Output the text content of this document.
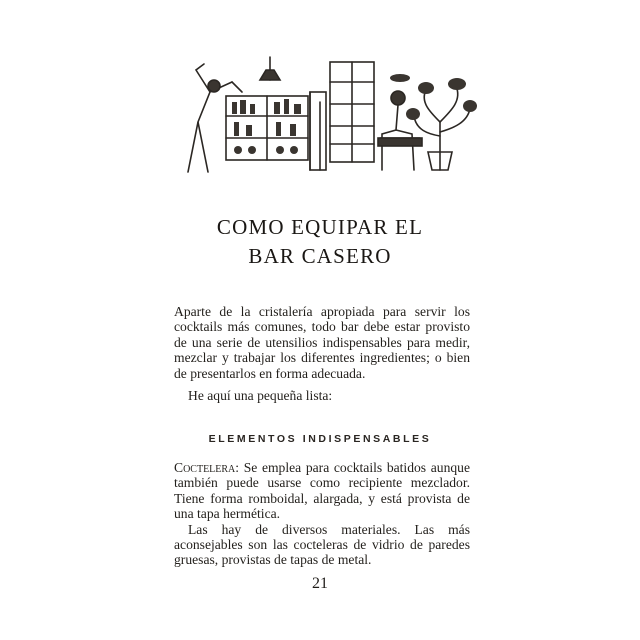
COMO EQUIPAR EL
BAR CASERO
Aparte de la cristalería apropiada para servir los cocktails más comunes, todo bar debe estar provisto de una serie de utensilios indispensables para medir, mezclar y trabajar los diferentes ingredientes; o bien de presentarlos en forma adecuada.
He aquí una pequeña lista:
ELEMENTOS INDISPENSABLES

Coctelera: Se emplea para cocktails batidos aunque también puede usarse como recipiente mezclador. Tiene forma romboidal, alargada, y está provista de una tapa hermética.

Las hay de diversos materiales. Las más aconsejables son las cocteleras de vidrio de paredes gruesas, provistas de tapas de metal.

21
